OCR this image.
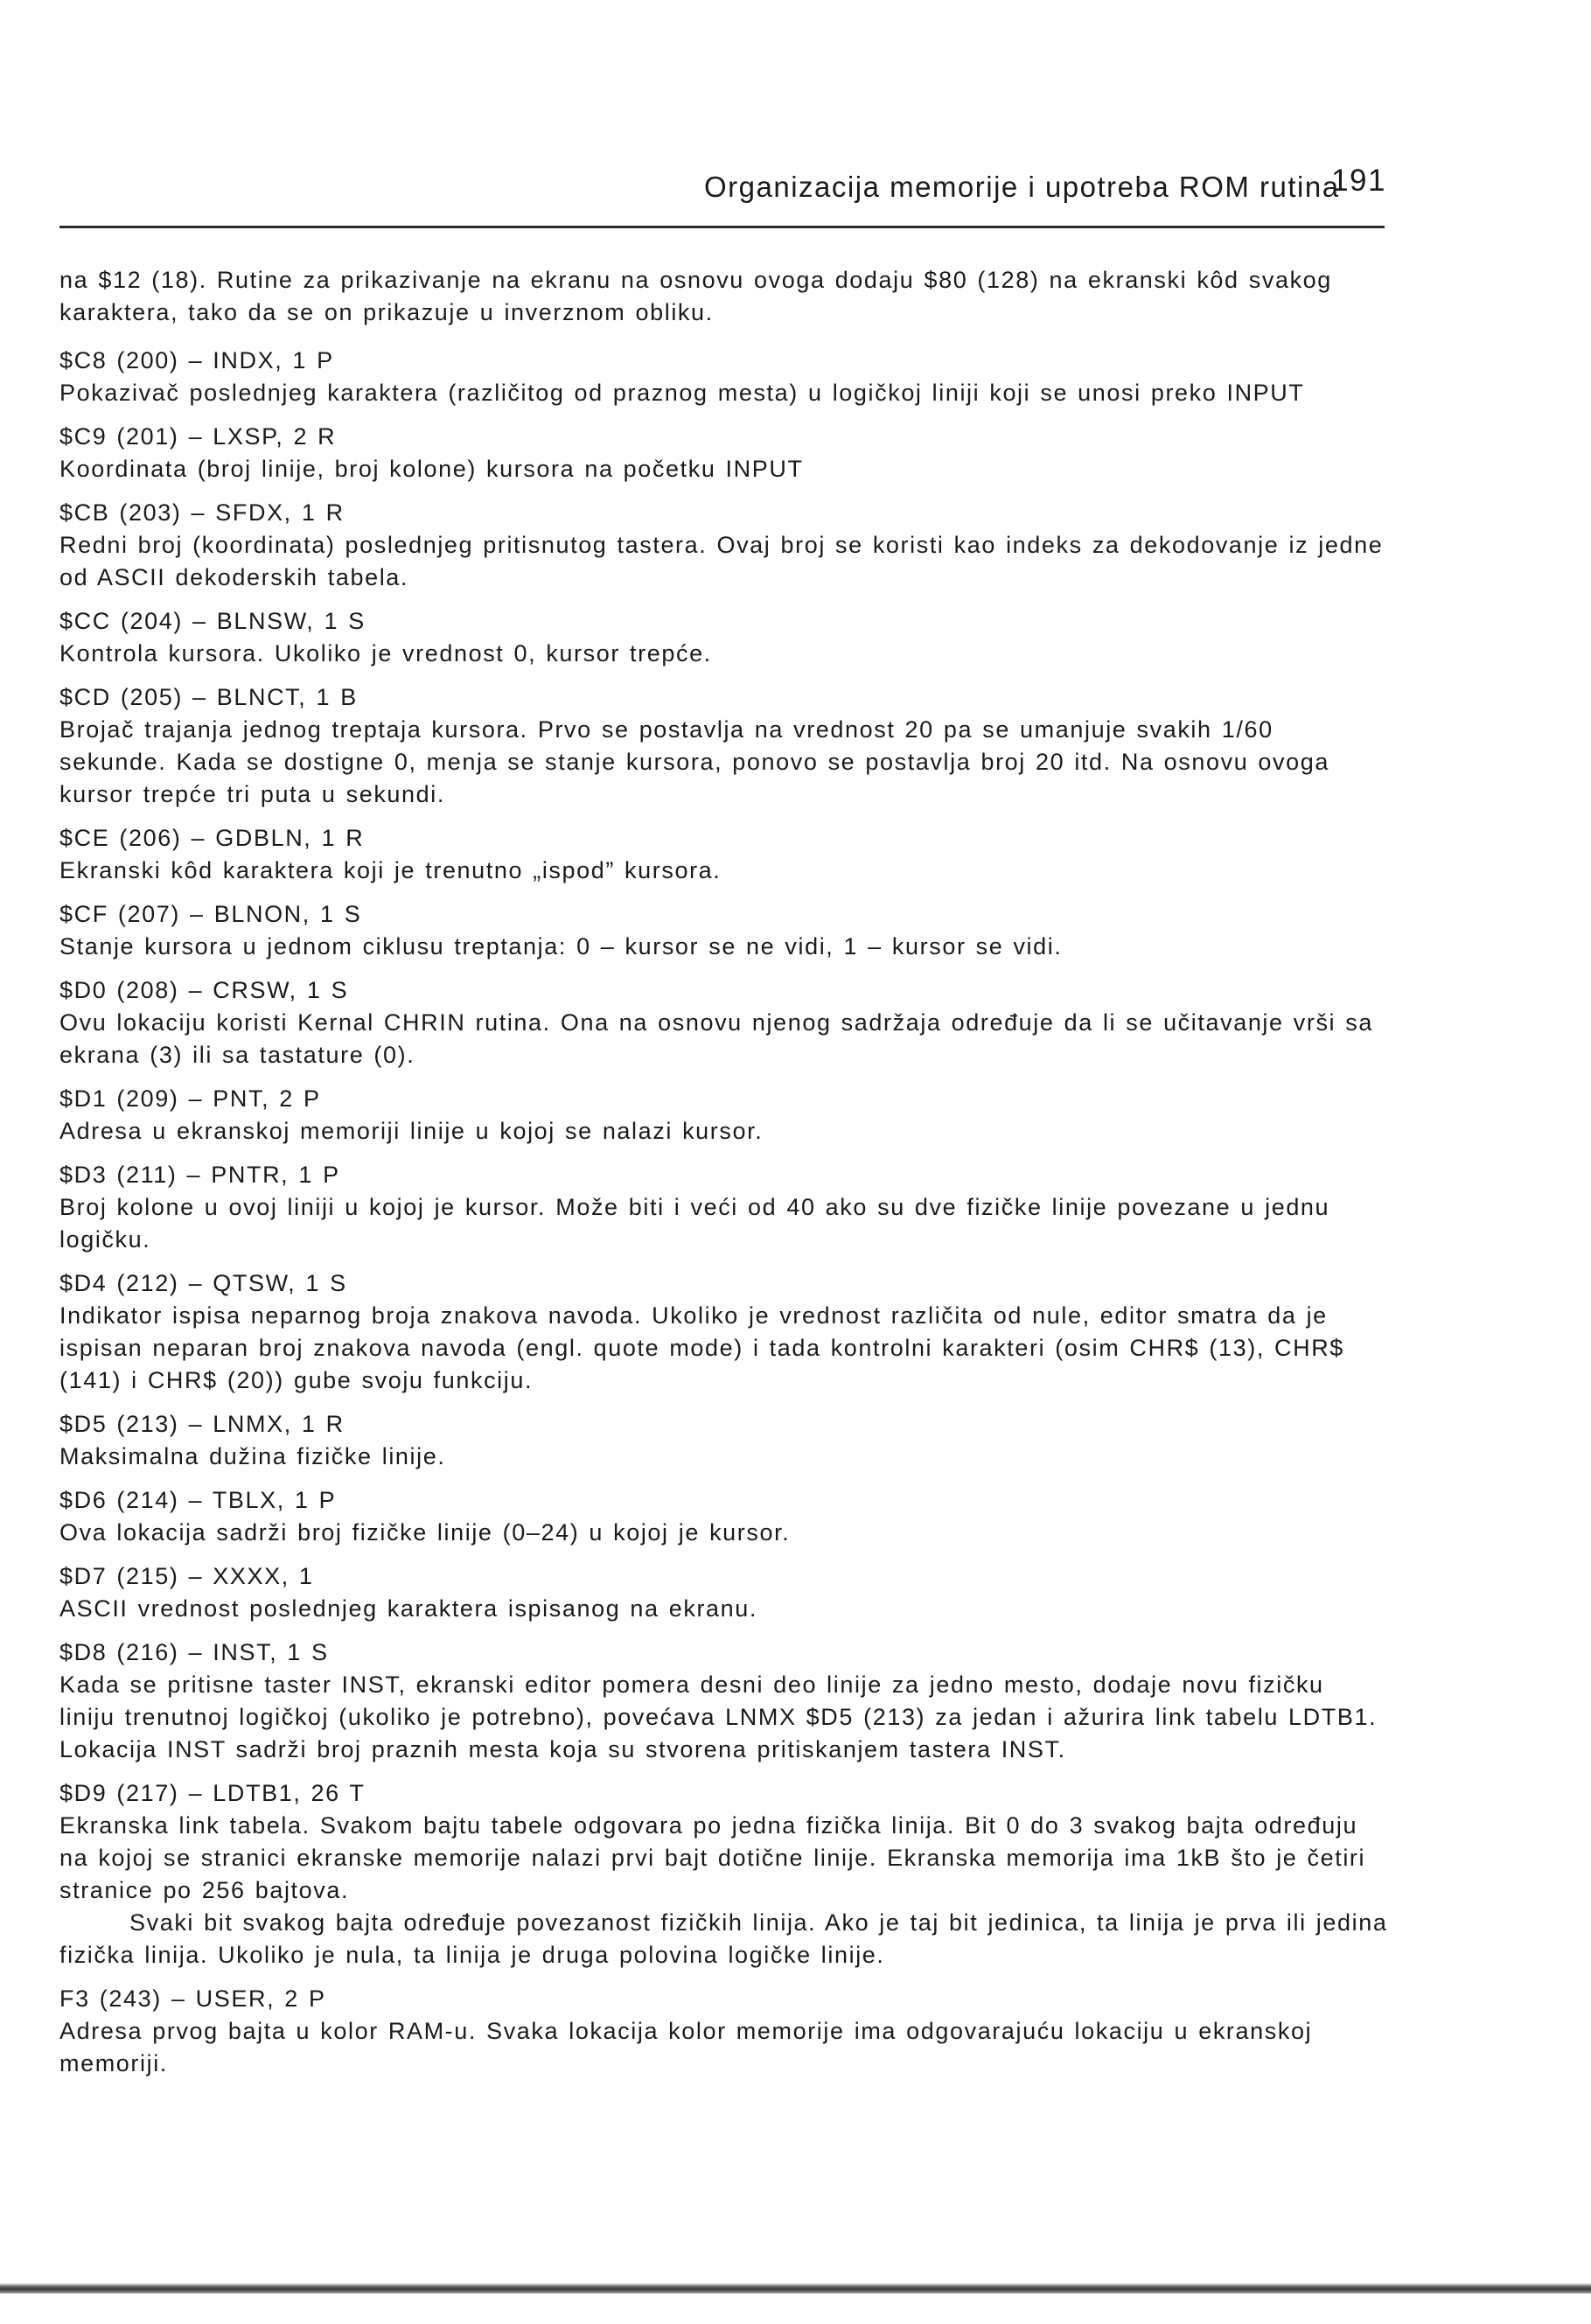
Organizacija memorije i upotreba ROM rutina
191

na $12 (18). Rutine za prikazivanje na ekranu na osnovu ovoga dodaju $80 (128) na ekranski kôd svakog karaktera, tako da se on prikazuje u inverznom obliku.

$C8 (200) – INDX, 1 P

Pokazivač poslednjeg karaktera (različitog od praznog mesta) u logičkoj liniji koji se unosi preko INPUT

$C9 (201) – LXSP, 2 R

Koordinata (broj linije, broj kolone) kursora na početku INPUT

$CB (203) – SFDX, 1 R

Redni broj (koordinata) poslednjeg pritisnutog tastera. Ovaj broj se koristi kao indeks za dekodovanje iz jedne od ASCII dekoderskih tabela.

$CC (204) – BLNSW, 1 S

Kontrola kursora. Ukoliko je vrednost 0, kursor trepće.

$CD (205) – BLNCT, 1 B

Brojač trajanja jednog treptaja kursora. Prvo se postavlja na vrednost 20 pa se umanjuje svakih 1/60 sekunde. Kada se dostigne 0, menja se stanje kursora, ponovo se postavlja broj 20 itd. Na osnovu ovoga kursor trepće tri puta u sekundi.

$CE (206) – GDBLN, 1 R

Ekranski kôd karaktera koji je trenutno „ispod” kursora.

$CF (207) – BLNON, 1 S

Stanje kursora u jednom ciklusu treptanja: 0 – kursor se ne vidi, 1 – kursor se vidi.

$D0 (208) – CRSW, 1 S

Ovu lokaciju koristi Kernal CHRIN rutina. Ona na osnovu njenog sadržaja određuje da li se učitavanje vrši sa ekrana (3) ili sa tastature (0).

$D1 (209) – PNT, 2 P

Adresa u ekranskoj memoriji linije u kojoj se nalazi kursor.

$D3 (211) – PNTR, 1 P

Broj kolone u ovoj liniji u kojoj je kursor. Može biti i veći od 40 ako su dve fizičke linije povezane u jednu logičku.

$D4 (212) – QTSW, 1 S

Indikator ispisa neparnog broja znakova navoda. Ukoliko je vrednost različita od nule, editor smatra da je ispisan neparan broj znakova navoda (engl. quote mode) i tada kontrolni karakteri (osim CHR$ (13), CHR$ (141) i CHR$ (20)) gube svoju funkciju.

$D5 (213) – LNMX, 1 R

Maksimalna dužina fizičke linije.

$D6 (214) – TBLX, 1 P

Ova lokacija sadrži broj fizičke linije (0–24) u kojoj je kursor.

$D7 (215) – XXXX, 1

ASCII vrednost poslednjeg karaktera ispisanog na ekranu.

$D8 (216) – INST, 1 S

Kada se pritisne taster INST, ekranski editor pomera desni deo linije za jedno mesto, dodaje novu fizičku liniju trenutnoj logičkoj (ukoliko je potrebno), povećava LNMX $D5 (213) za jedan i ažurira link tabelu LDTB1. Lokacija INST sadrži broj praznih mesta koja su stvorena pritiskanjem tastera INST.

$D9 (217) – LDTB1, 26 T

Ekranska link tabela. Svakom bajtu tabele odgovara po jedna fizička linija. Bit 0 do 3 svakog bajta određuju na kojoj se stranici ekranske memorije nalazi prvi bajt dotične linije. Ekranska memorija ima 1kB što je četiri stranice po 256 bajtova.

Svaki bit svakog bajta određuje povezanost fizičkih linija. Ako je taj bit jedinica, ta linija je prva ili jedina fizička linija. Ukoliko je nula, ta linija je druga polovina logičke linije.

F3 (243) – USER, 2 P

Adresa prvog bajta u kolor RAM-u. Svaka lokacija kolor memorije ima odgovarajuću lokaciju u ekranskoj memoriji.
